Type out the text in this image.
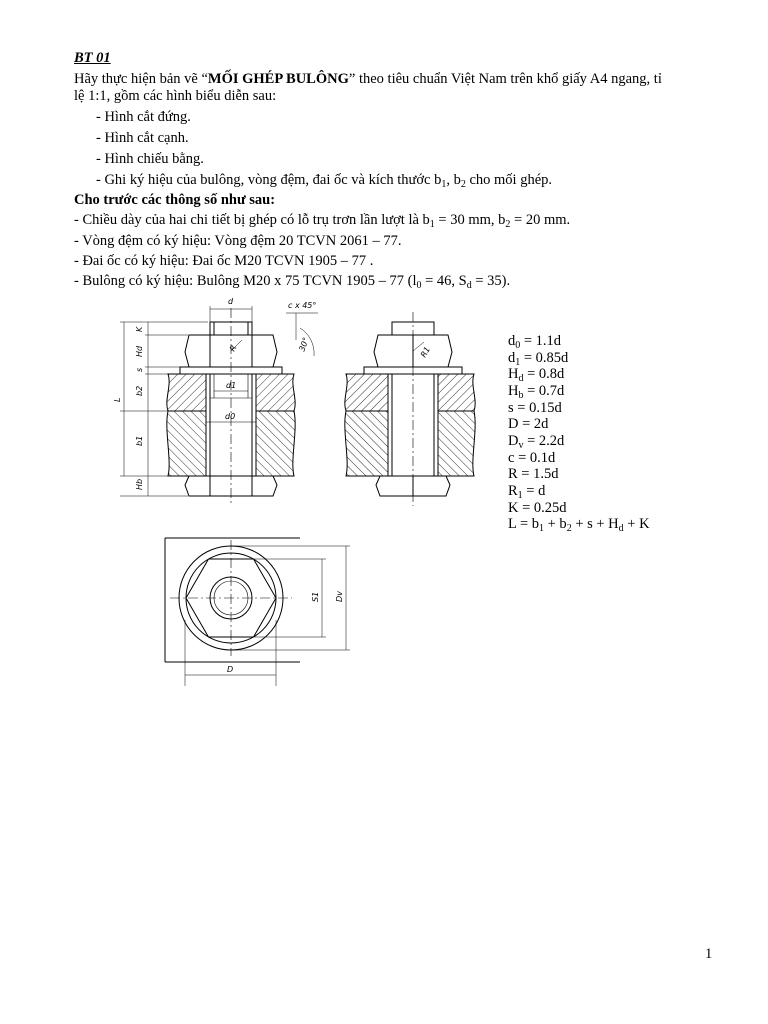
BT 01
Hãy thực hiện bản vẽ “MỐI GHÉP BULÔNG” theo tiêu chuẩn Việt Nam trên khổ giấy A4 ngang, tỉ
lệ 1:1, gồm các hình biểu diễn sau:
- Hình cắt đứng.
- Hình cắt cạnh.
- Hình chiếu bằng.
- Ghi ký hiệu của bulông, vòng đệm, đai ốc và kích thước $b_1$, $b_2$ cho mối ghép.
Cho trước các thông số như sau:
- Chiều dày của hai chi tiết bị ghép có lỗ trụ trơn lần lượt là $b_1 = 30$ mm, $b_2 = 20$ mm.
- Vòng đệm có ký hiệu: Vòng đệm 20 TCVN 2061 – 77.
- Đai ốc có ký hiệu: Đai ốc M20 TCVN 1905 – 77 .
- Bulông có ký hiệu: Bulông M20 x 75 TCVN 1905 – 77 ($l_0 = 46$, $S_d = 35$).
$d_0 = 1.1d$
$d_1 = 0.85d$
$H_d = 0.8d$
$H_b = 0.7d$
s = 0.15d
D = 2d
$D_v = 2.2d$
c = 0.1d
R = 1.5d
$R_1 = d$
K = 0.25d
$L = b_1 + b_2 + s + H_d + K$
d	c x 45°
30°
K
Hd
s
b2
L
b1
Hb
R
d1
d0
R1
S1 Dv
D
1
